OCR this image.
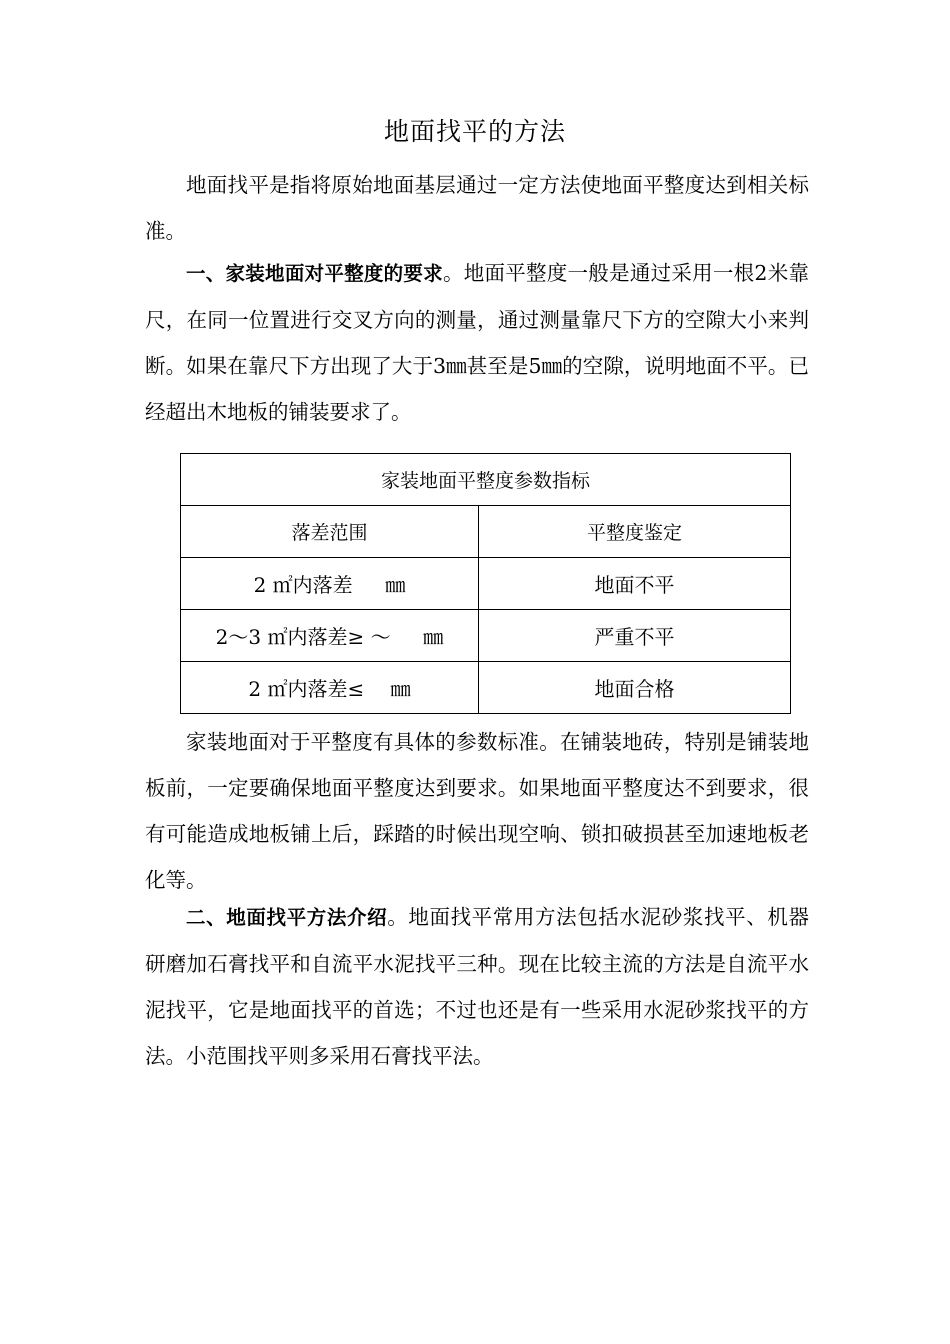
地面找平的方法

地面找平是指将原始地面基层通过一定方法使地面平整度达到相关标准。

一、家装地面对平整度的要求。地面平整度一般是通过采用一根2米靠尺，在同一位置进行交叉方向的测量，通过测量靠尺下方的空隙大小来判断。如果在靠尺下方出现了大于3㎜甚至是5㎜的空隙，说明地面不平。已经超出木地板的铺装要求了。

家装地面平整度参数指标	
落差范围	平整度鉴定
2 ㎡内落差 　 ㎜	地面不平
2～3 ㎡内落差≥ ～ 　 ㎜	严重不平
2 ㎡内落差≤ 　㎜	地面合格

家装地面对于平整度有具体的参数标准。在铺装地砖，特别是铺装地板前，一定要确保地面平整度达到要求。如果地面平整度达不到要求，很有可能造成地板铺上后，踩踏的时候出现空响、锁扣破损甚至加速地板老化等。

二、地面找平方法介绍。地面找平常用方法包括水泥砂浆找平、机器研磨加石膏找平和自流平水泥找平三种。现在比较主流的方法是自流平水泥找平，它是地面找平的首选；不过也还是有一些采用水泥砂浆找平的方法。小范围找平则多采用石膏找平法。
